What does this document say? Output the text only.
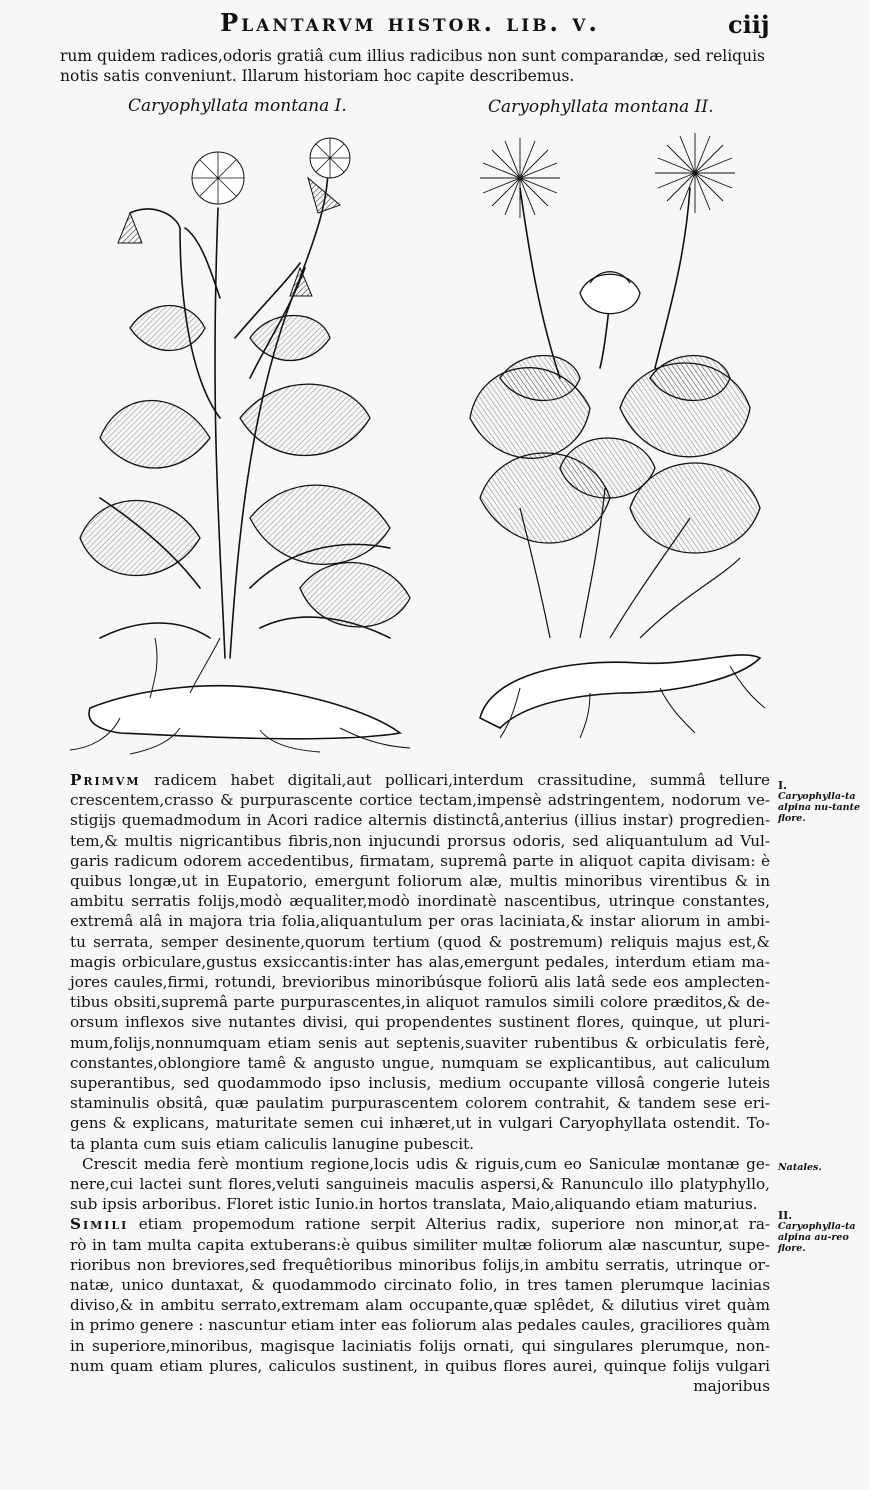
Plantarvm histor. lib. v.	ciij

rum quidem radices,odoris gratiâ cum illius radicibus non sunt comparandæ, sed reliquis

notis satis conveniunt. Illarum historiam hoc capite describemus.

Caryophyllata montana I.	Caryophyllata montana II.

Primvm radicem habet digitali,aut pollicari,interdum crassitudine, summâ tellure
crescentem,crasso & purpurascente cortice tectam,impensè adstringentem, nodorum ve-
stigijs quemadmodum in Acori radice alternis distinctâ,anterius (illius instar) progredien-
tem,& multis nigricantibus fibris,non injucundi prorsus odoris, sed aliquantulum ad Vul-
garis radicum odorem accedentibus, firmatam, supremâ parte in aliquot capita divisam: è
quibus longæ,ut in Eupatorio, emergunt foliorum alæ, multis minoribus virentibus & in
ambitu serratis folijs,modò æqualiter,modò inordinatè nascentibus, utrinque constantes,
extremâ alâ in majora tria folia,aliquantulum per oras laciniata,& instar aliorum in ambi-
tu serrata, semper desinente,quorum tertium (quod & postremum) reliquis majus est,&
magis orbiculare,gustus exsiccantis:inter has alas,emergunt pedales, interdum etiam ma-
jores caules,firmi, rotundi, brevioribus minoribúsque foliorū alis latâ sede eos amplecten-
tibus obsiti,supremâ parte purpurascentes,in aliquot ramulos simili colore præditos,& de-
orsum inflexos sive nutantes divisi, qui propendentes sustinent flores, quinque, ut pluri-
mum,folijs,nonnumquam etiam senis aut septenis,suaviter rubentibus & orbiculatis ferè,
constantes,oblongiore tamê & angusto ungue, numquam se explicantibus, aut caliculum
superantibus, sed quodammodo ipso inclusis, medium occupante villosâ congerie luteis
staminulis obsitâ, quæ paulatim purpurascentem colorem contrahit, & tandem sese eri-
gens & explicans, maturitate semen cui inhæret,ut in vulgari Caryophyllata ostendit. To-
ta planta cum suis etiam caliculis lanugine pubescit.

Crescit media ferè montium regione,locis udis & riguis,cum eo Saniculæ montanæ ge-
nere,cui lactei sunt flores,veluti sanguineis maculis aspersi,& Ranunculo illo platyphyllo,
sub ipsis arboribus. Floret istic Iunio.in hortos translata, Maio,aliquando etiam maturius.

Simili etiam propemodum ratione serpit Alterius radix, superiore non minor,at ra-
rò in tam multa capita extuberans:è quibus similiter multæ foliorum alæ nascuntur, supe-
rioribus non breviores,sed frequêtioribus minoribus folijs,in ambitu serratis, utrinque or-
natæ, unico duntaxat, & quodammodo circinato folio, in tres tamen plerumque lacinias
diviso,& in ambitu serrato,extremam alam occupante,quæ splêdet, & dilutius viret quàm
in primo genere : nascuntur etiam inter eas foliorum alas pedales caules, graciliores quàm
in superiore,minoribus, magisque laciniatis folijs ornati, qui singulares plerumque, non-
num quam etiam plures, caliculos sustinent, in quibus flores aurei, quinque folijs vulgari
majoribus

I.
Caryophylla-ta alpina nu-tante flore.
Natales.
II.
Caryophylla-ta alpina au-reo flore.
